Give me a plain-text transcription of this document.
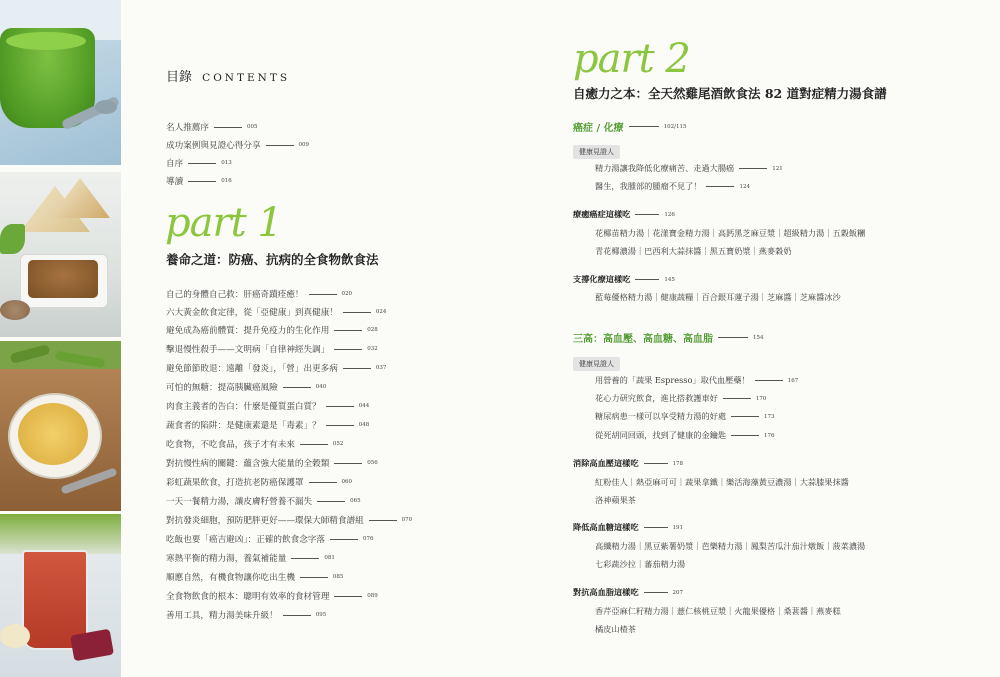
目錄 CONTENTS
名人推薦序	005
成功案例與見證心得分享	009
自序	013
導讀	016
part 1
養命之道：防癌、抗病的全食物飲食法
自己的身體自己救：肝癌奇蹟痊癒！	020
六大黃金飲食定律，從「亞健康」到真健康！	024
避免成為癌前體質：提升免疫力的生化作用	028
擊退慢性殺手——文明病「自律神經失調」	032
避免節節敗退：遠離「發炎」，「營」出更多病	037
可怕的無糖：提高胰臟癌風險	040
肉食主義者的告白：什麼是優質蛋白質？	044
蔬食者的陷阱：是健康素還是「毒素」？	048
吃食物，不吃食品，孩子才有未來	052
對抗慢性病的關鍵：蘊含強大能量的全穀類	056
彩虹蔬果飲食，打造抗老防癌保護罩	060
一天一餐精力湯，讓皮膚籽營養不漏失	065
對抗發炎細胞，預防肥胖更好——環保大師精食譜組	070
吃飯也要「癌吉避凶」：正確的飲食念字落	076
寒熱平衡的精力湯，養氣補能量	081
順應自然，有機食物讓你吃出生機	085
全食物飲食的根本：聰明有效率的食材管理	089
善用工具，精力湯美味升級！	095
part 2
自癒力之本：全天然雞尾酒飲食法 82 道對症精力湯食譜
癌症 / 化療	102/115
健康見證人
精力湯讓我降低化療痛苦、走過大腸癌	121
醫生，我腫部的腫瘤不見了！	124
療癒癌症這樣吃	126
花椰苗精力湯｜花漾寶金精力湯｜高鈣黑芝麻豆漿｜超級精力湯｜五穀飯糰
青花椰濃湯｜巴西利大蒜抹醬｜黑五寶奶漿｜燕麥穀奶
支撐化療這樣吃	145
藍莓優格精力湯｜健康蔬糧｜百合銀耳蓮子湯｜芝麻醬｜芝麻醬冰沙
三高：高血壓、高血糖、高血脂	154
健康見證人
用營養的「蔬果 Espresso」取代血壓藥！	167
花心力研究飲食，進比搭救護車好	170
糖尿病患一樣可以享受精力湯的好處	173
從死胡同回頭，找到了健康的金鑰匙	176
消除高血壓這樣吃	178
紅粉佳人｜熱亞麻可可｜蔬果拿鐵｜樂活海藻黃豆濃湯｜大蒜膝果抹醬
洛神蘋果茶
降低高血糖這樣吃	191
高纖精力湯｜黑豆紫薯奶漿｜芭樂精力湯｜鳳梨苦瓜汁茄汁燉飯｜菠菜濃湯
七彩蔬沙拉｜蕃茄精力湯
對抗高血脂這樣吃	207
香芹亞麻仁籽精力湯｜薏仁核桃豆漿｜火龍果優格｜桑葚醬｜燕麥糕
橘皮山楂茶
